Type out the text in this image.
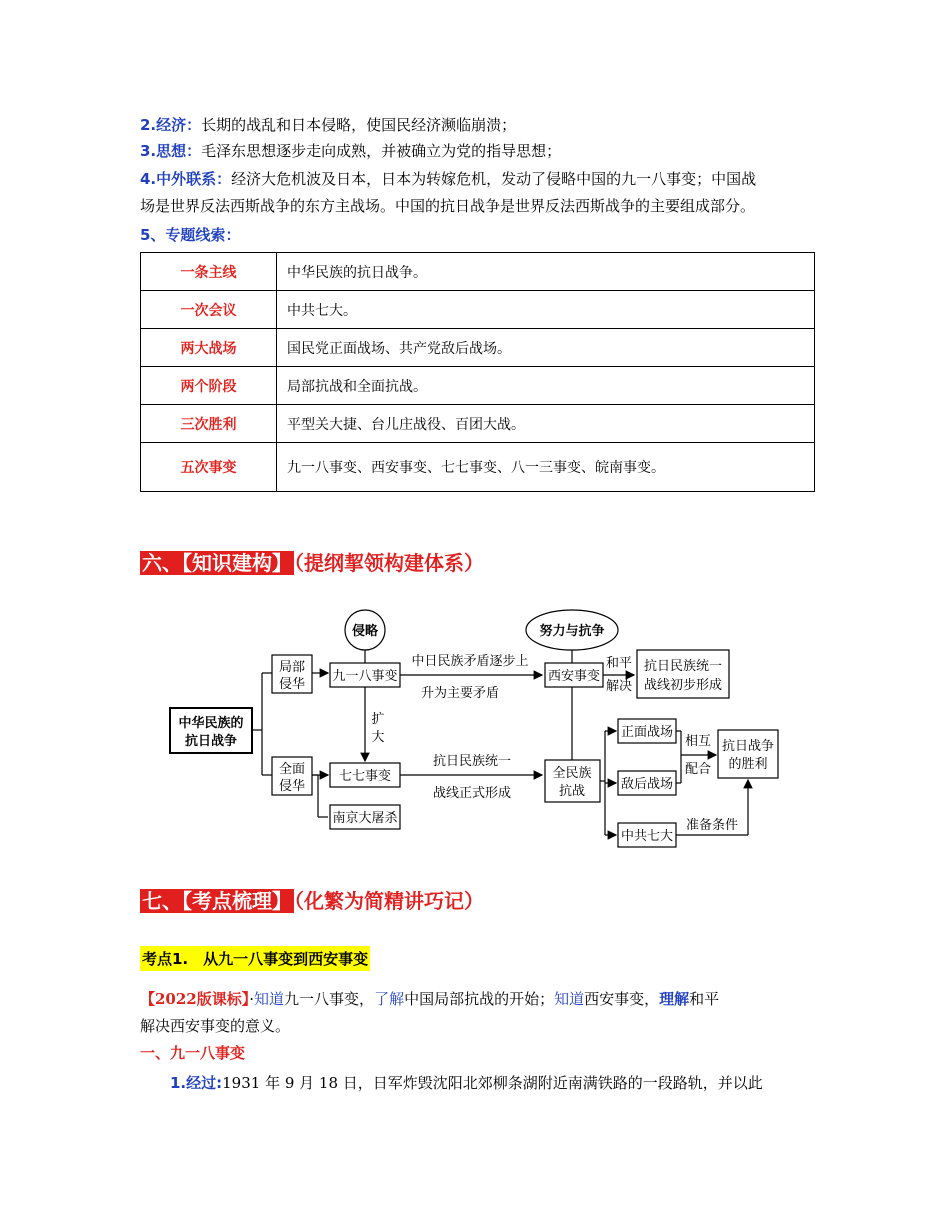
2.经济：长期的战乱和日本侵略，使国民经济濒临崩溃；
3.思想：毛泽东思想逐步走向成熟，并被确立为党的指导思想；
4.中外联系：经济大危机波及日本，日本为转嫁危机，发动了侵略中国的九一八事变；中国战
场是世界反法西斯战争的东方主战场。中国的抗日战争是世界反法西斯战争的主要组成部分。
5、专题线索：
一条主线	中华民族的抗日战争。
一次会议	中共七大。
两大战场	国民党正面战场、共产党敌后战场。
两个阶段	局部抗战和全面抗战。
三次胜利	平型关大捷、台儿庄战役、百团大战。
五次事变	九一八事变、西安事变、七七事变、八一三事变、皖南事变。
六、【知识建构】 （提纲挈领构建体系）
侵略	努力与抗争
中华民族的
抗日战争
局部
侵华
全面
侵华
九一八事变
中日民族矛盾逐步上
升为主要矛盾
西安事变
和平
解决
抗日民族统一
战线初步形成
扩
大
七七事变
南京大屠杀
抗日民族统一
战线正式形成
全民族
抗战
正面战场
敌后战场
中共七大
相互
配合
抗日战争
的胜利
准备条件
七、【考点梳理】 （化繁为简精讲巧记）
考点1.　从九一八事变到西安事变
【2022版课标】·知道九一八事变，了解中国局部抗战的开始；知道西安事变，理解和平
解决西安事变的意义。
一、九一八事变
1.经过:1931 年 9 月 18 日，日军炸毁沈阳北郊柳条湖附近南满铁路的一段路轨，并以此
